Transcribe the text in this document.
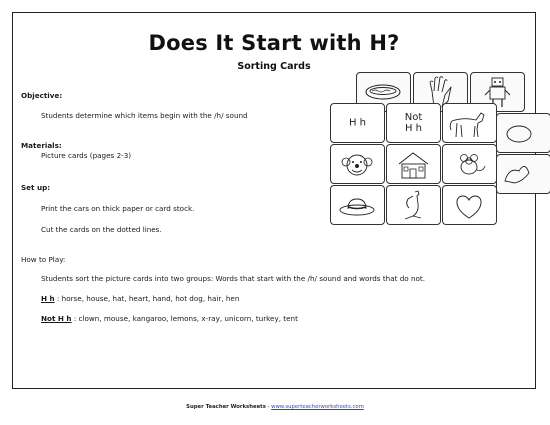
Does It Start with H?
Sorting Cards
Objective:
Students determine which items begin with the /h/ sound
Materials:
Picture cards (pages 2-3)
Set up:
Print the cars on thick paper or card stock.
Cut the cards on the dotted lines.
How to Play:
Students sort the picture cards into two groups: Words that start with the /h/ sound and words that do not.
H h : horse, house, hat, heart, hand, hot dog, hair, hen
Not H h : clown, mouse, kangaroo, lemons, x-ray, unicorn, turkey, tent
H h	Not
H h
Super Teacher Worksheets - www.superteacherworksheets.com
